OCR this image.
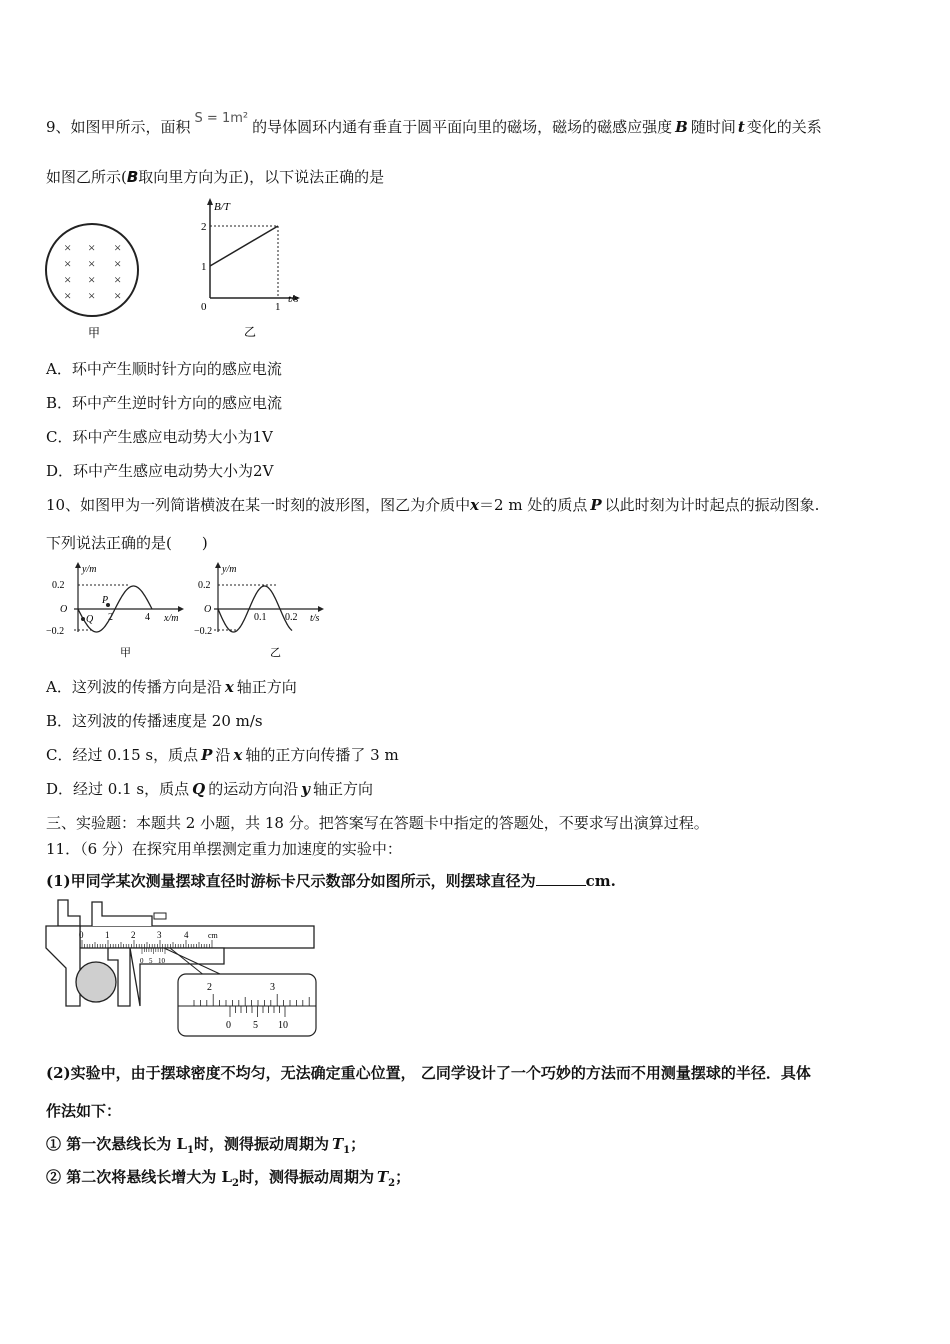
9、如图甲所示，面积 S = 1m² 的导体圆环内通有垂直于圆平面向里的磁场，磁场的磁感应强度 B 随时间 t 变化的关系
如图乙所示(B取向里方向为正)，以下说法正确的是
× × ×
× × ×
× × ×
× × ×
甲
B/T
t/s
2
1
0	1
乙
A．环中产生顺时针方向的感应电流
B．环中产生逆时针方向的感应电流
C．环中产生感应电动势大小为1V
D．环中产生感应电动势大小为2V
10、如图甲为一列简谐横波在某一时刻的波形图，图乙为介质中x＝2 m 处的质点 P 以此时刻为计时起点的振动图象.
下列说法正确的是(　　)
y/m
x/m
0.2
O
−0.2
2	4
P
Q
甲
y/m
t/s
0.2
O
−0.2
0.1 0.2
乙
A．这列波的传播方向是沿 x 轴正方向
B．这列波的传播速度是 20 m/s
C．经过 0.15 s，质点 P 沿 x 轴的正方向传播了 3 m
D．经过 0.1 s，质点 Q 的运动方向沿 y 轴正方向
三、实验题：本题共 2 小题，共 18 分。把答案写在答题卡中指定的答题处，不要求写出演算过程。
11．（6 分）在探究用单摆测定重力加速度的实验中：
(1)甲同学某次测量摆球直径时游标卡尺示数部分如图所示，则摆球直径为	cm.
0 1 2 3	4 cm
0 5 10
2	3
0 5 10
(2)实验中，由于摆球密度不均匀，无法确定重心位置， 乙同学设计了一个巧妙的方法而不用测量摆球的半径．具体
作法如下：
① 第一次悬线长为 $L_1$时，测得振动周期为 $T_1$；
② 第二次将悬线长增大为 $L_2$时，测得振动周期为 $T_2$；
